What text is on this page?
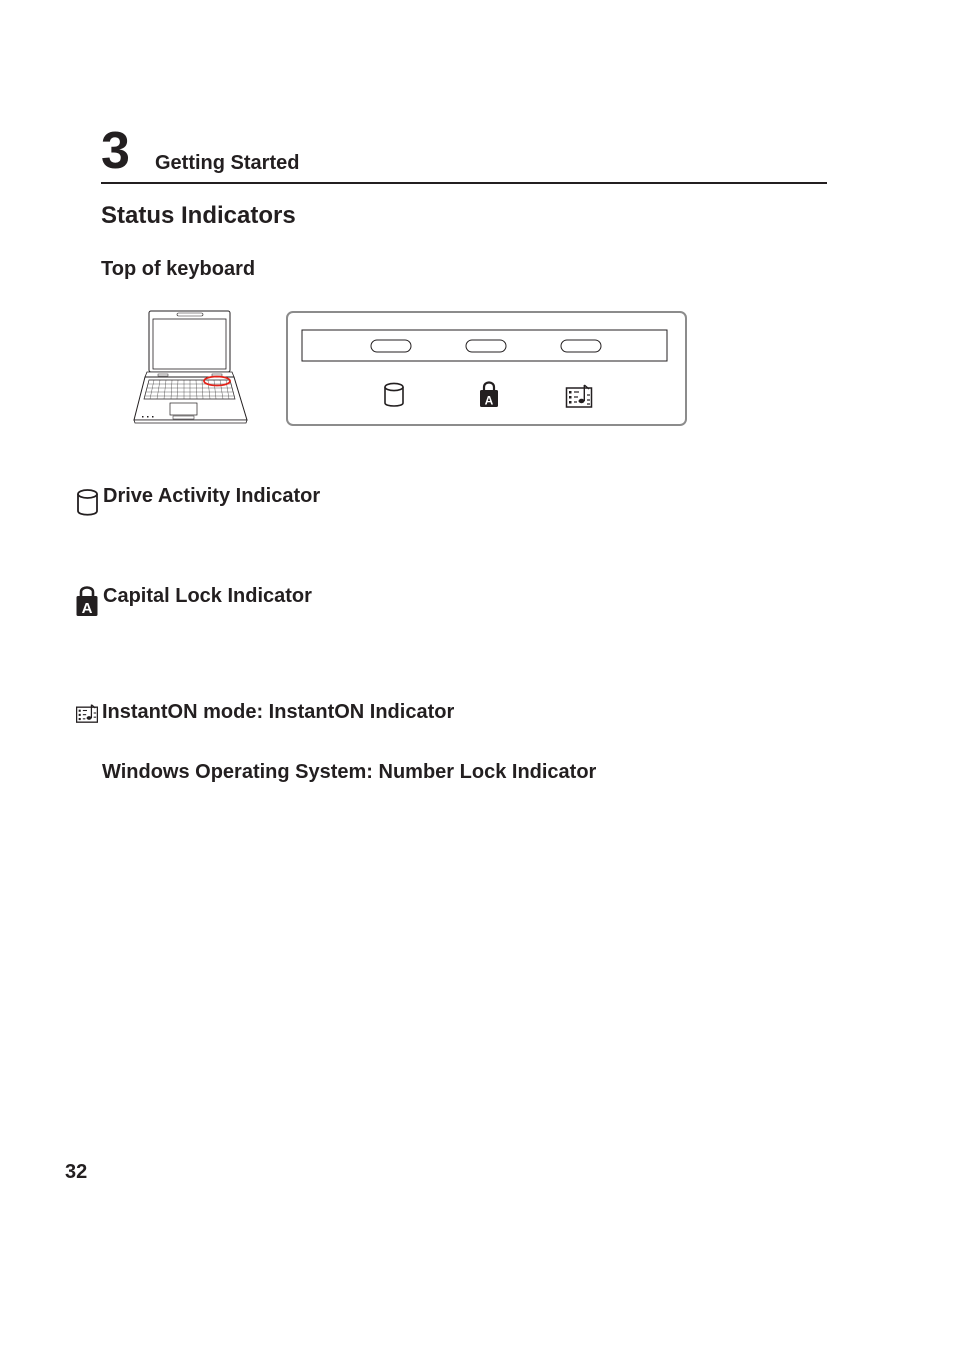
3 Getting Started
Status Indicators
Top of keyboard
A
Drive Activity Indicator
A
Capital Lock Indicator
InstantON mode: InstantON Indicator
Windows Operating System: Number Lock Indicator
32
